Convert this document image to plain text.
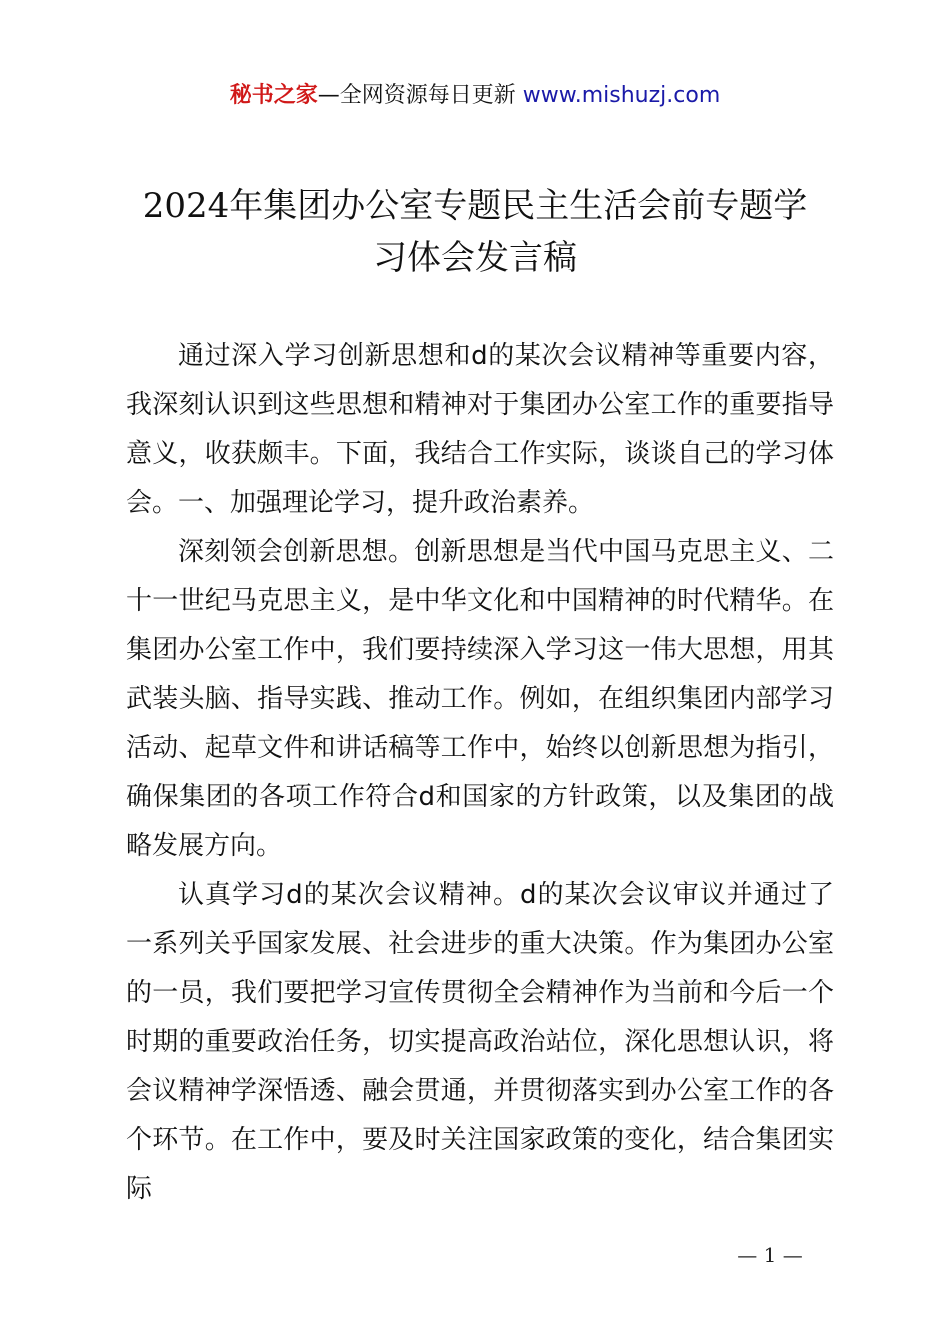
秘书之家—全网资源每日更新 www.mishuzj.com
2024年集团办公室专题民主生活会前专题学
习体会发言稿

通过深入学习创新思想和d的某次会议精神等重要内容，我深刻认识到这些思想和精神对于集团办公室工作的重要指导意义，收获颇丰。下面，我结合工作实际，谈谈自己的学习体会。一、加强理论学习，提升政治素养。

深刻领会创新思想。创新思想是当代中国马克思主义、二十一世纪马克思主义，是中华文化和中国精神的时代精华。在集团办公室工作中，我们要持续深入学习这一伟大思想，用其武装头脑、指导实践、推动工作。例如，在组织集团内部学习活动、起草文件和讲话稿等工作中，始终以创新思想为指引，确保集团的各项工作符合d和国家的方针政策，以及集团的战略发展方向。

认真学习d的某次会议精神。d的某次会议审议并通过了一系列关乎国家发展、社会进步的重大决策。作为集团办公室的一员，我们要把学习宣传贯彻全会精神作为当前和今后一个时期的重要政治任务，切实提高政治站位，深化思想认识，将会议精神学深悟透、融会贯通，并贯彻落实到办公室工作的各个环节。在工作中，要及时关注国家政策的变化，结合集团实际

— 1 —
